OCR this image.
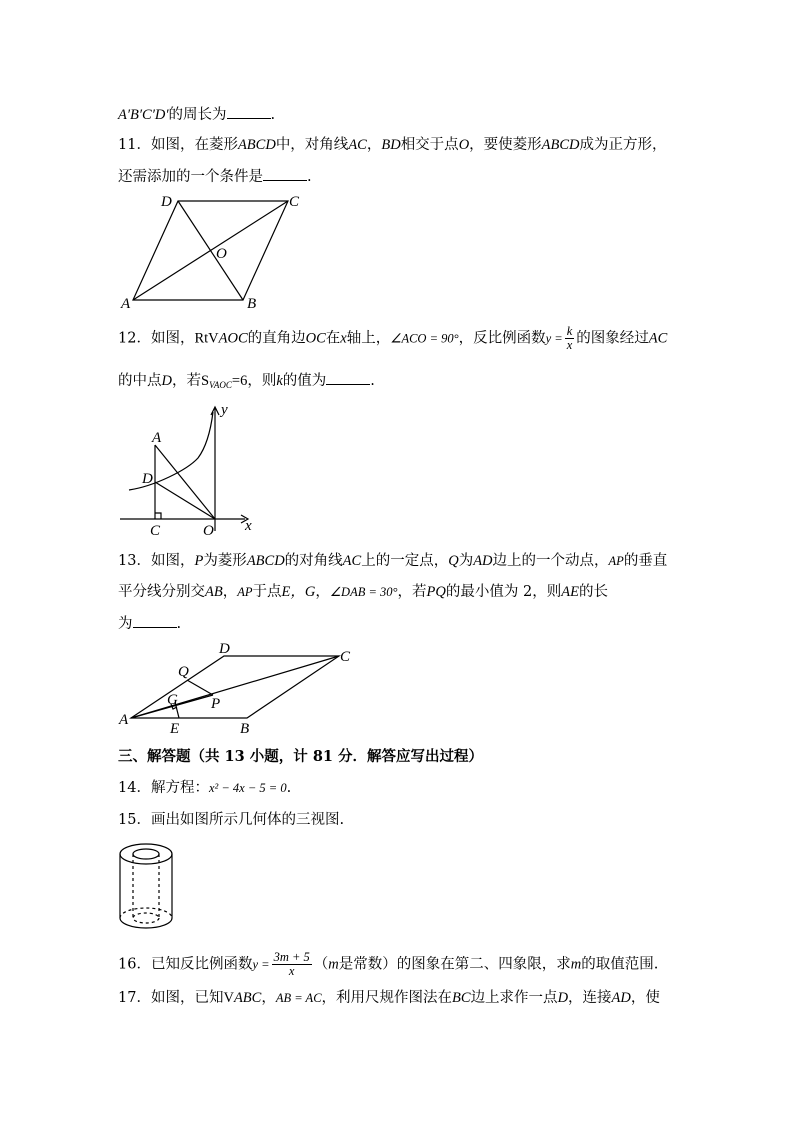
A′B′C′D′的周长为	.
11．如图，在菱形ABCD中，对角线AC，BD相交于点O，要使菱形ABCD成为正方形，
还需添加的一个条件是	.
D	C
O
A	B
12．如图，RtVAOC的直角边OC在x轴上，∠ACO = 90°，反比例函数$y = \frac{k}{x}$ 的图象经过AC
的中点D，若$S_{VAOC}=6$，则k的值为	.
y
A
D
C	O x
13．如图，P为菱形ABCD的对角线AC上的一定点，Q为AD边上的一个动点，AP的垂直
平分线分别交AB，AP于点E，G，∠DAB = 30°，若PQ的最小值为 2，则AE的长
为	.
D
Q
C
G P
A
E	B
三、解答题（共 13 小题，计 81 分．解答应写出过程）
14．解方程：x² − 4x − 5 = 0.
15．画出如图所示几何体的三视图.
16．已知反比例函数$y = \frac{3m + 5}{x} (m$是常数）的图象在第二、四象限，求m的取值范围.
17．如图，已知VABC，AB = AC，利用尺规作图法在BC边上求作一点D，连接AD，使
